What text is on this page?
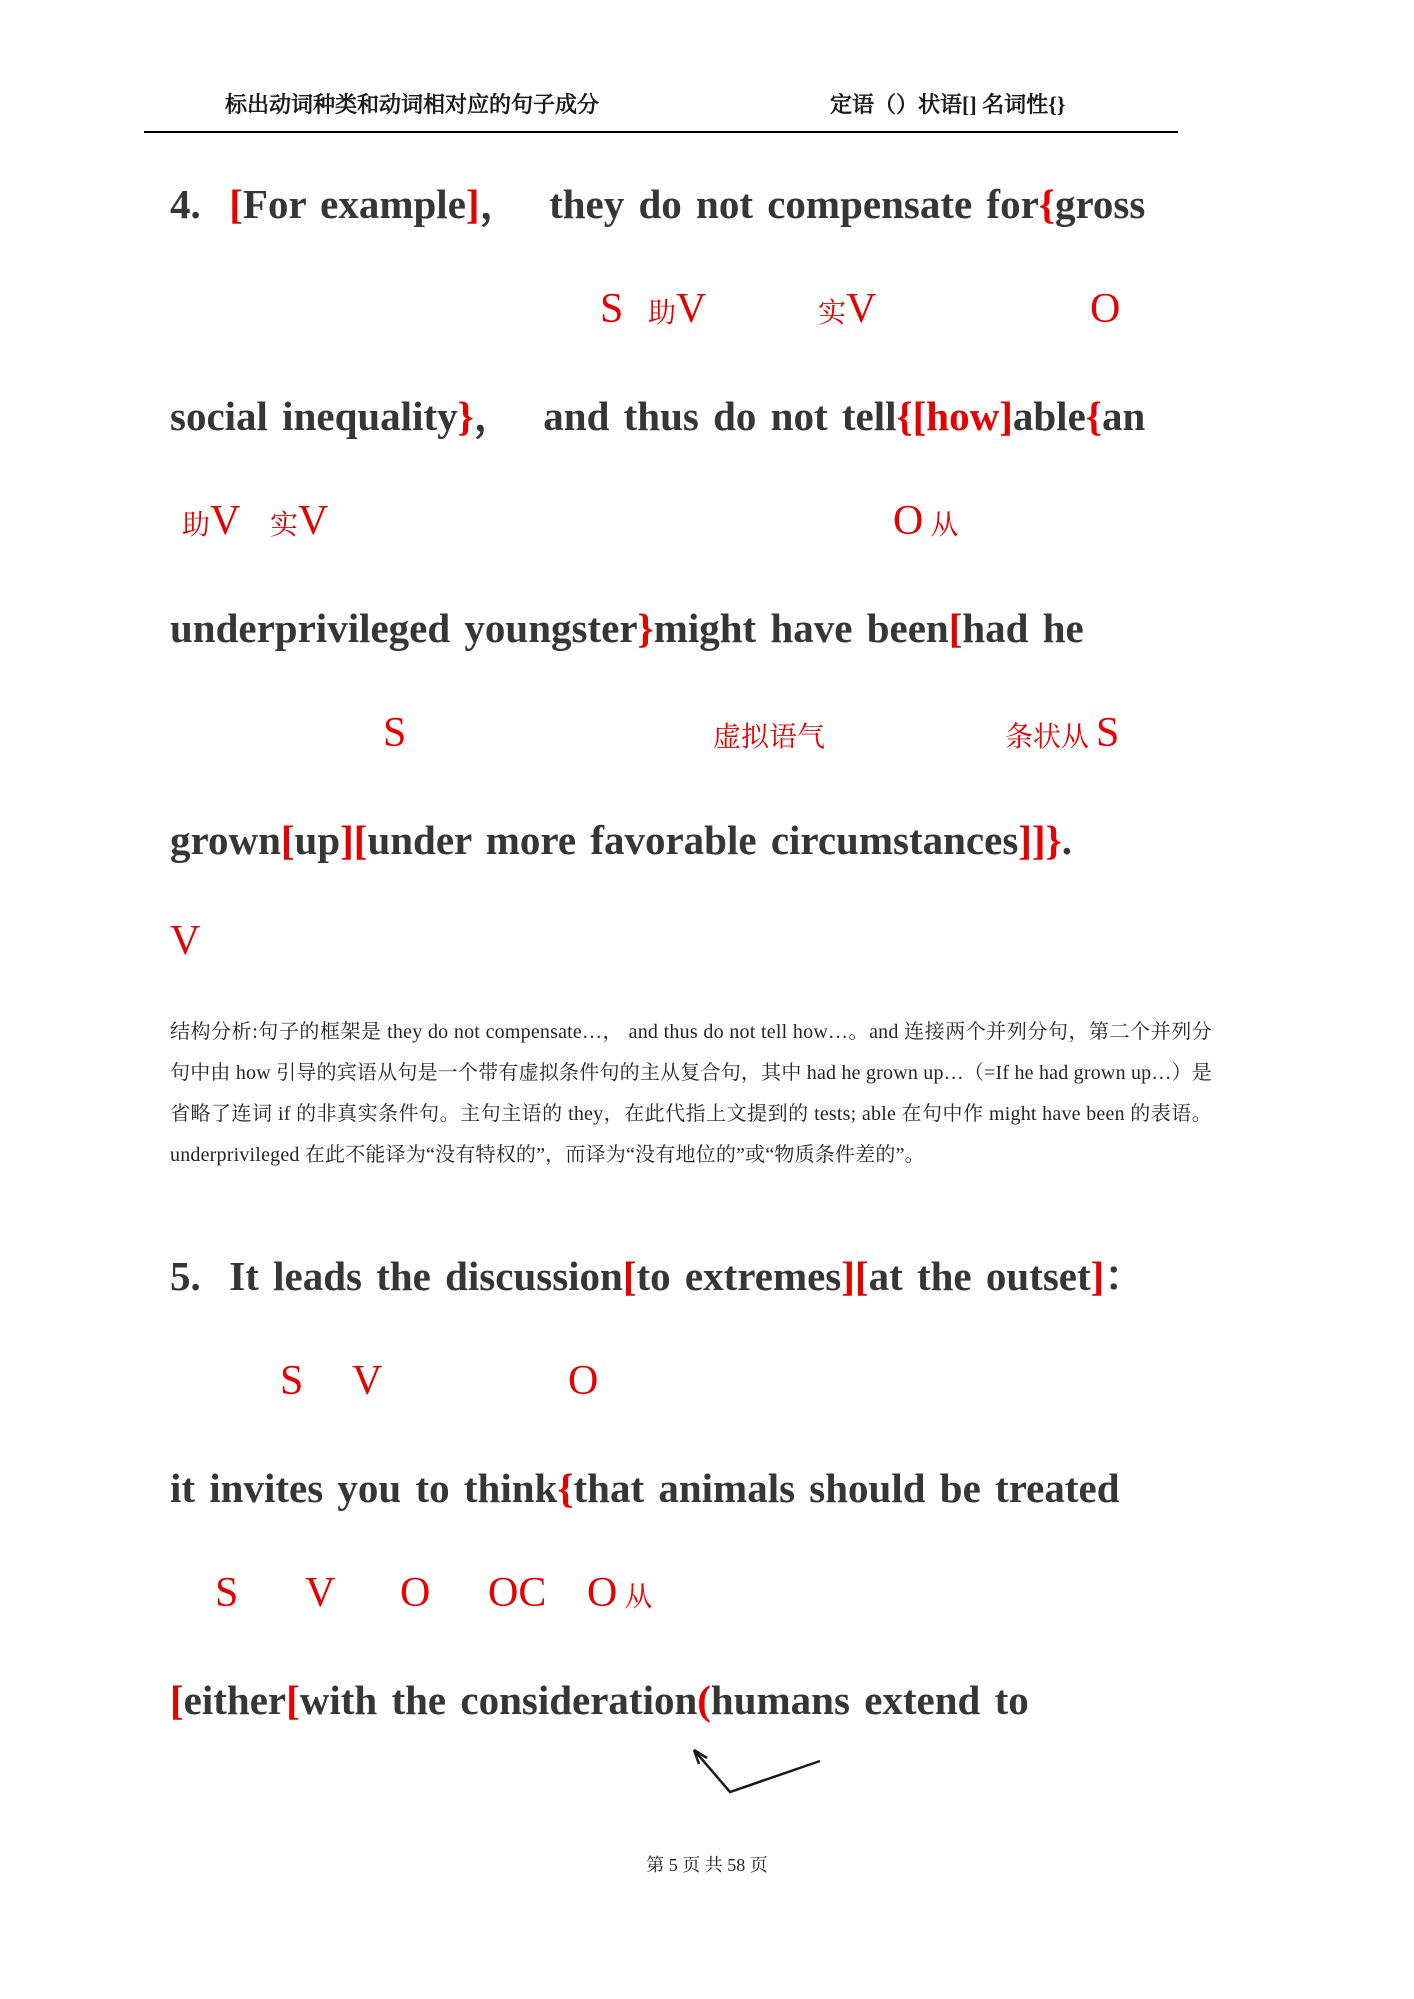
标出动词种类和动词相对应的句子成分	定语（）状语[] 名词性{}
4.  [For example]，  they do not compensate for{gross
S 助V	实V	O
social inequality}，  and thus do not tell{[how]able{an
助V 实V	O 从
underprivileged youngster}might have been[had he
S	虚拟语气	条状从 S
grown[up][under more favorable circumstances]]}.
V
结构分析:句子的框架是 they do not compensate…， and thus do not tell how…。and 连接两个并列分句，第二个并列分句中由 how 引导的宾语从句是一个带有虚拟条件句的主从复合句，其中 had he grown up…（=If he had grown up…）是省略了连词 if 的非真实条件句。主句主语的 they，在此代指上文提到的 tests; able 在句中作 might have been 的表语。underprivileged 在此不能译为“没有特权的”，而译为“没有地位的”或“物质条件差的”。
5.  It leads the discussion[to extremes][at the outset]：
S V	O
it invites you to think{that animals should be treated
S V O OC O 从
[either[with the consideration(humans extend to
第 5 页 共 58 页
